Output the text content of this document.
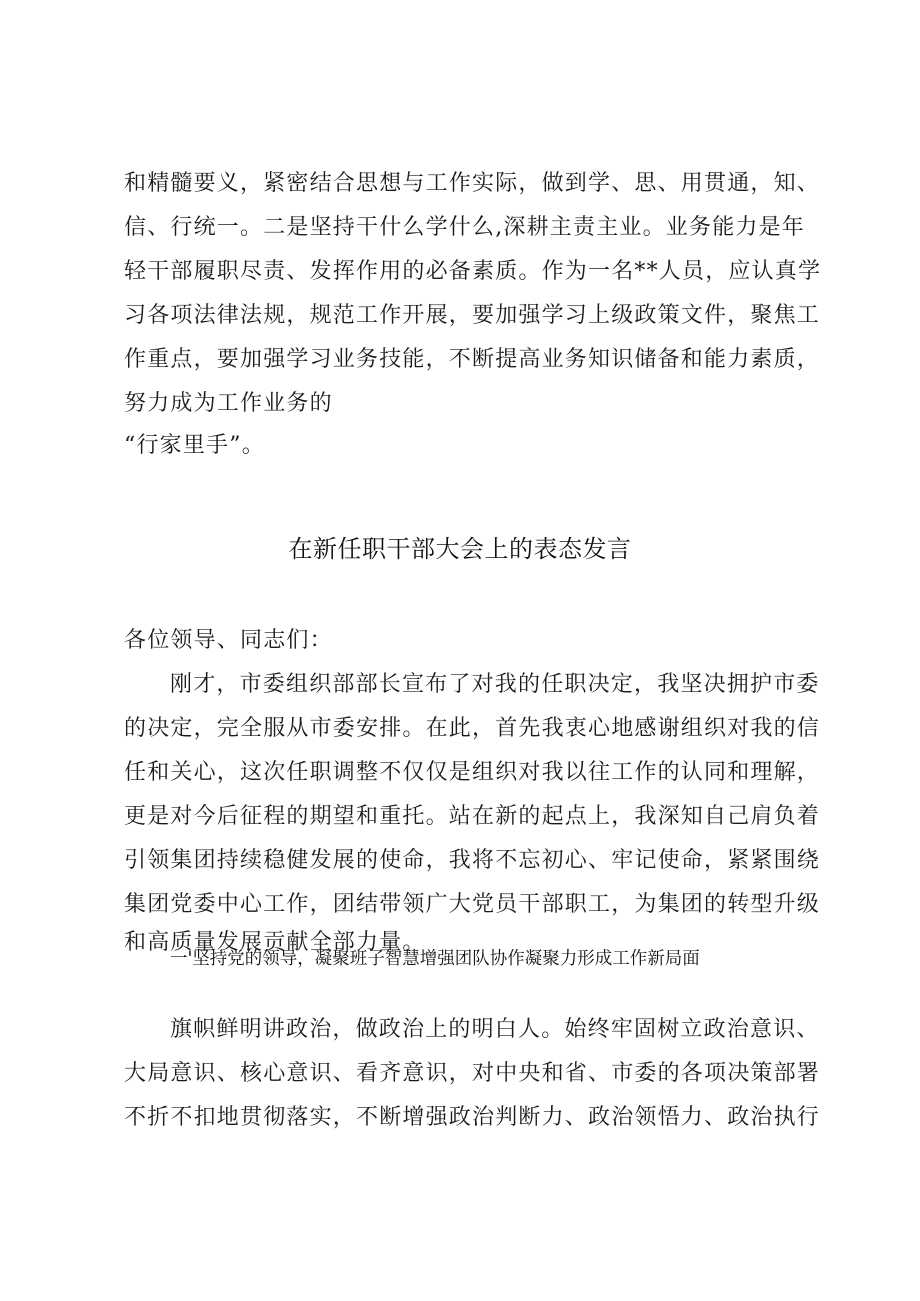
和精髓要义，紧密结合思想与工作实际，做到学、思、用贯通，知、
信、行统一。二是坚持干什么学什么,深耕主责主业。业务能力是年
轻干部履职尽责、发挥作用的必备素质。作为一名**人员，应认真学
习各项法律法规，规范工作开展，要加强学习上级政策文件，聚焦工
作重点，要加强学习业务技能，不断提高业务知识储备和能力素质，
努力成为工作业务的
“行家里手”。
在新任职干部大会上的表态发言
各位领导、同志们：
刚才，市委组织部部长宣布了对我的任职决定，我坚决拥护市委
的决定，完全服从市委安排。在此，首先我衷心地感谢组织对我的信
任和关心，这次任职调整不仅仅是组织对我以往工作的认同和理解，
更是对今后征程的期望和重托。站在新的起点上，我深知自己肩负着
引领集团持续稳健发展的使命，我将不忘初心、牢记使命，紧紧围绕
集团党委中心工作，团结带领广大党员干部职工，为集团的转型升级
和高质量发展贡献全部力量。
一'坚持党的领导，凝聚班子智慧增强团队协作凝聚力形成工作新局面
旗帜鲜明讲政治，做政治上的明白人。始终牢固树立政治意识、
大局意识、核心意识、看齐意识，对中央和省、市委的各项决策部署
不折不扣地贯彻落实，不断增强政治判断力、政治领悟力、政治执行
